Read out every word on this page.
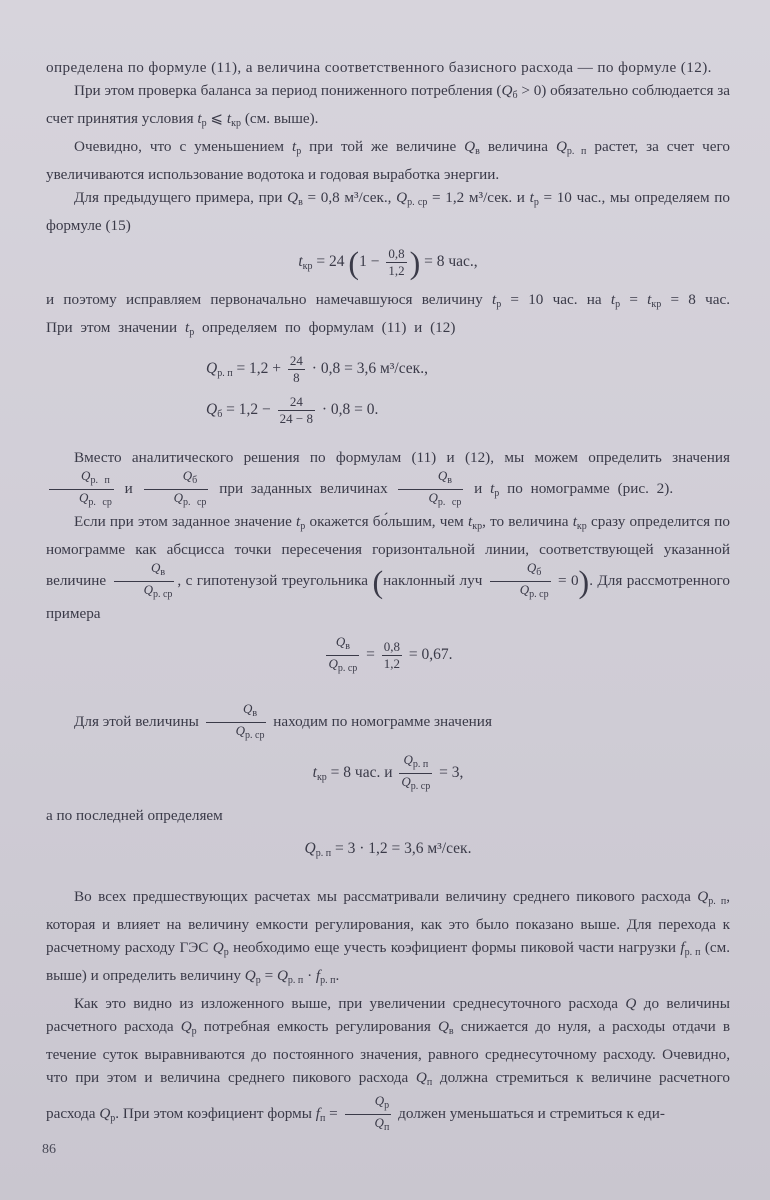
определена по формуле (11), а величина соответственного базисного расхода — по формуле (12).

При этом проверка баланса за период пониженного потребления $(Q_б > 0)$ обязательно соблюдается за счет принятия условия $t_р$ ⩽ $t_{кр}$ (см. выше).

Очевидно, что с уменьшением $t_р$ при той же величине $Q_в$ величина $Q_{р. п}$ растет, за счет чего увеличиваются использование водотока и годовая выработка энергии.

Для предыдущего примера, при $Q_в = 0,8$ м³/сек., $Q_{р. ср} = 1,2$ м³/сек. и $t_р = 10$ час., мы определяем по формуле (15)

$t_{кр} = 24$ ($1 - \frac{0,8}{1,2}$ ) = 8 час.,

и поэтому исправляем первоначально намечавшуюся величину $t_р = 10$ час. на $t_р = t_{кр} = 8$ час. При этом значении $t_р$ определяем по формулам (11) и (12)

$Q_{р. п} = 1,2 + \frac{24}{8} \cdot 0,8 = 3,6$ м³/сек.,
$Q_б = 1,2 - \frac{24}{24 - 8} \cdot 0,8 = 0$.

Вместо аналитического решения по формулам (11) и (12), мы можем определить значения
$\frac{Q_{р. п}}{Q_{р. ср}}$ и $\frac{Q_б}{Q_{р. ср}}$ при заданных величинах $\frac{Q_в}{Q_{р. ср}}$ и $t_р$ по номограмме (рис. 2).

Если при этом заданное значение $t_р$ окажется бо́льшим, чем $t_{кр}$, то величина $t_{кр}$ сразу определится по номограмме как абсцисса точки пересечения горизонтальной линии, соответствующей указанной величине $\frac{Q_в}{Q_{р. ср}}$ , с гипотенузой треугольника (наклонный луч $\frac{Q_б}{Q_{р. ср}} = 0$). Для рассмотренного примера

$\frac{Q_в}{Q_{р. ср}} = \frac{0,8}{1,2} = 0,67$.

Для этой величины $\frac{Q_в}{Q_{р. ср}}$ находим по номограмме значения

$t_{кр} = 8$ час. и $\frac{Q_{р. п}}{Q_{р. ср}} = 3$,

а по последней определяем

$Q_{р. п} = 3 \cdot 1,2 = 3,6$ м³/сек.

Во всех предшествующих расчетах мы рассматривали величину среднего пикового расхода $Q_{р. п}$, которая и влияет на величину емкости регулирования, как это было показано выше. Для перехода к расчетному расходу ГЭС $Q_р$ необходимо еще учесть коэфициент формы пиковой части нагрузки $f_{р. п}$ (см. выше) и определить величину $Q_р = Q_{р. п} \cdot f_{р. п}$.

Как это видно из изложенного выше, при увеличении среднесуточного расхода Q до величины расчетного расхода $Q_р$ потребная емкость регулирования $Q_в$ снижается до нуля, а расходы отдачи в течение суток выравниваются до постоянного значения, равного среднесуточному расходу. Очевидно, что при этом и величина среднего пикового расхода $Q_п$ должна стремиться к величине расчетного расхода $Q_р$. При этом коэфициент формы $f_п = \frac{Q_р}{Q_п}$ должен уменьшаться и стремиться к еди-

86
